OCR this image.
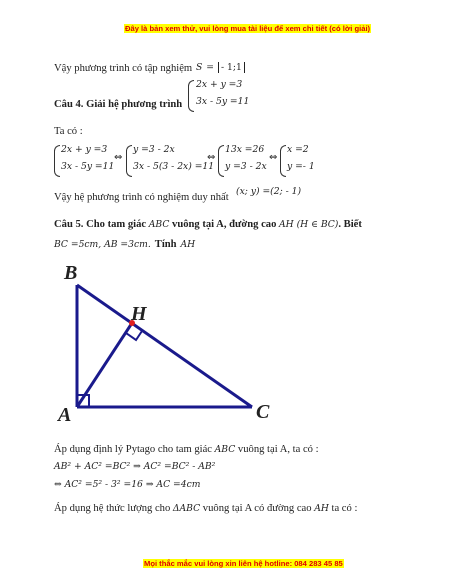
Đây là bản xem thử, vui lòng mua tài liệu để xem chi tiết (có lời giải)
Vậy phương trình có tập nghiệm S = - 1;1
Câu 4. Giải hệ phương trình
2x + y =3
3x - 5y =11
Ta có :
2x + y =3
3x - 5y =11
⇔
y =3 - 2x
3x - 5(3 - 2x) =11
⇔
13x =26
y =3 - 2x
⇔
x =2
y =- 1
Vậy hệ phương trình có nghiệm duy nhất
(x; y) =(2; - 1)
Câu 5. Cho tam giác ABC vuông tại A, đường cao AH (H ∈ BC). Biết
BC =5cm, AB =3cm. Tính AH
B
H
A	C
Áp dụng định lý Pytago cho tam giác ABC vuông tại A, ta có :
AB² + AC² =BC² ⇒ AC² =BC² - AB²
⇔ AC² =5² - 3² =16 ⇒ AC =4cm
Áp dụng hệ thức lượng cho ΔABC vuông tại A có đường cao AH ta có :
Mọi thắc mắc vui lòng xin liên hệ hotline: 084 283 45 85
